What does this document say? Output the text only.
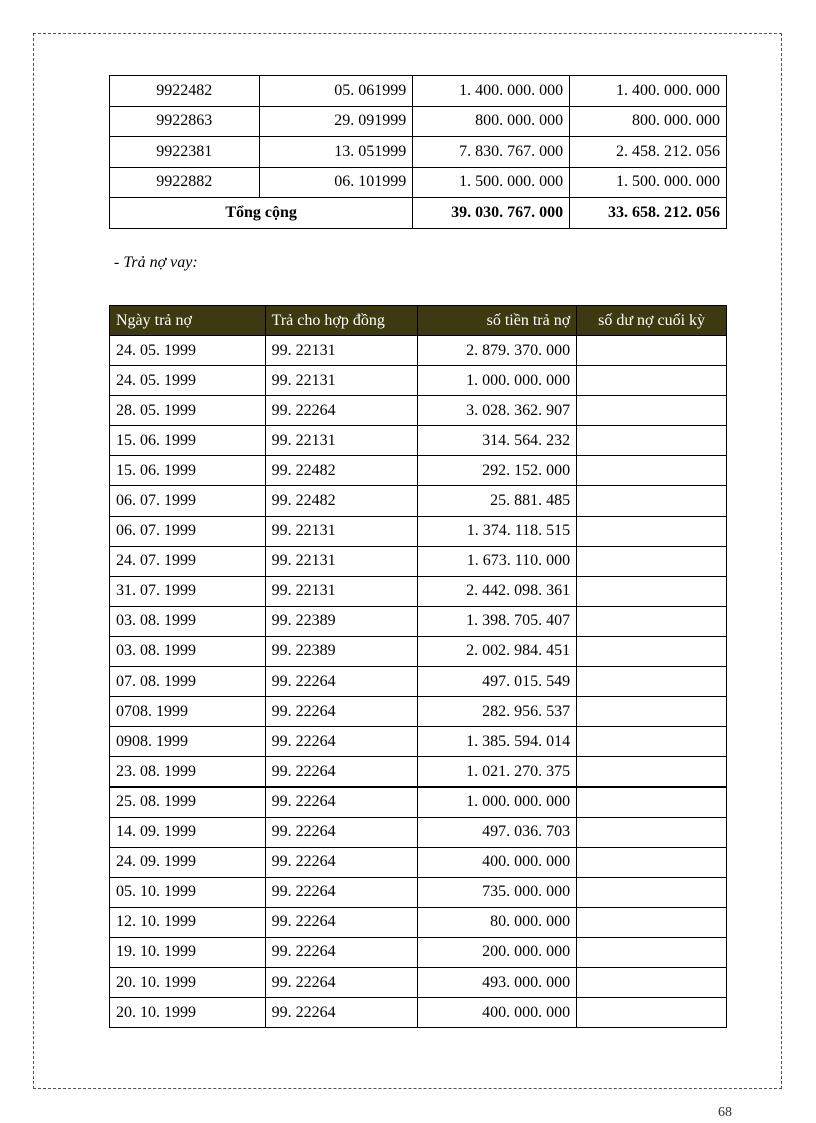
9922482	05. 061999	1. 400. 000. 000	1. 400. 000. 000
9922863	29. 091999	800. 000. 000	800. 000. 000
9922381	13. 051999	7. 830. 767. 000	2. 458. 212. 056
9922882	06. 101999	1. 500. 000. 000	1. 500. 000. 000
Tổng cộng		39. 030. 767. 000	33. 658. 212. 056
- Trả nợ vay:
Ngày trả nợ	Trả cho hợp đồng	số tiền trả nợ	số dư nợ cuối kỳ
24. 05. 1999	99. 22131	2. 879. 370. 000	
24. 05. 1999	99. 22131	1. 000. 000. 000	
28. 05. 1999	99. 22264	3. 028. 362. 907	
15. 06. 1999	99. 22131	314. 564. 232	
15. 06. 1999	99. 22482	292. 152. 000	
06. 07. 1999	99. 22482	25. 881. 485	
06. 07. 1999	99. 22131	1. 374. 118. 515	
24. 07. 1999	99. 22131	1. 673. 110. 000	
31. 07. 1999	99. 22131	2. 442. 098. 361	
03. 08. 1999	99. 22389	1. 398. 705. 407	
03. 08. 1999	99. 22389	2. 002. 984. 451	
07. 08. 1999	99. 22264	497. 015. 549	
0708. 1999	99. 22264	282. 956. 537	
0908. 1999	99. 22264	1. 385. 594. 014	
23. 08. 1999	99. 22264	1. 021. 270. 375	
25. 08. 1999	99. 22264	1. 000. 000. 000	
14. 09. 1999	99. 22264	497. 036. 703	
24. 09. 1999	99. 22264	400. 000. 000	
05. 10. 1999	99. 22264	735. 000. 000	
12. 10. 1999	99. 22264	80. 000. 000	
19. 10. 1999	99. 22264	200. 000. 000	
20. 10. 1999	99. 22264	493. 000. 000	
20. 10. 1999	99. 22264	400. 000. 000	
68
